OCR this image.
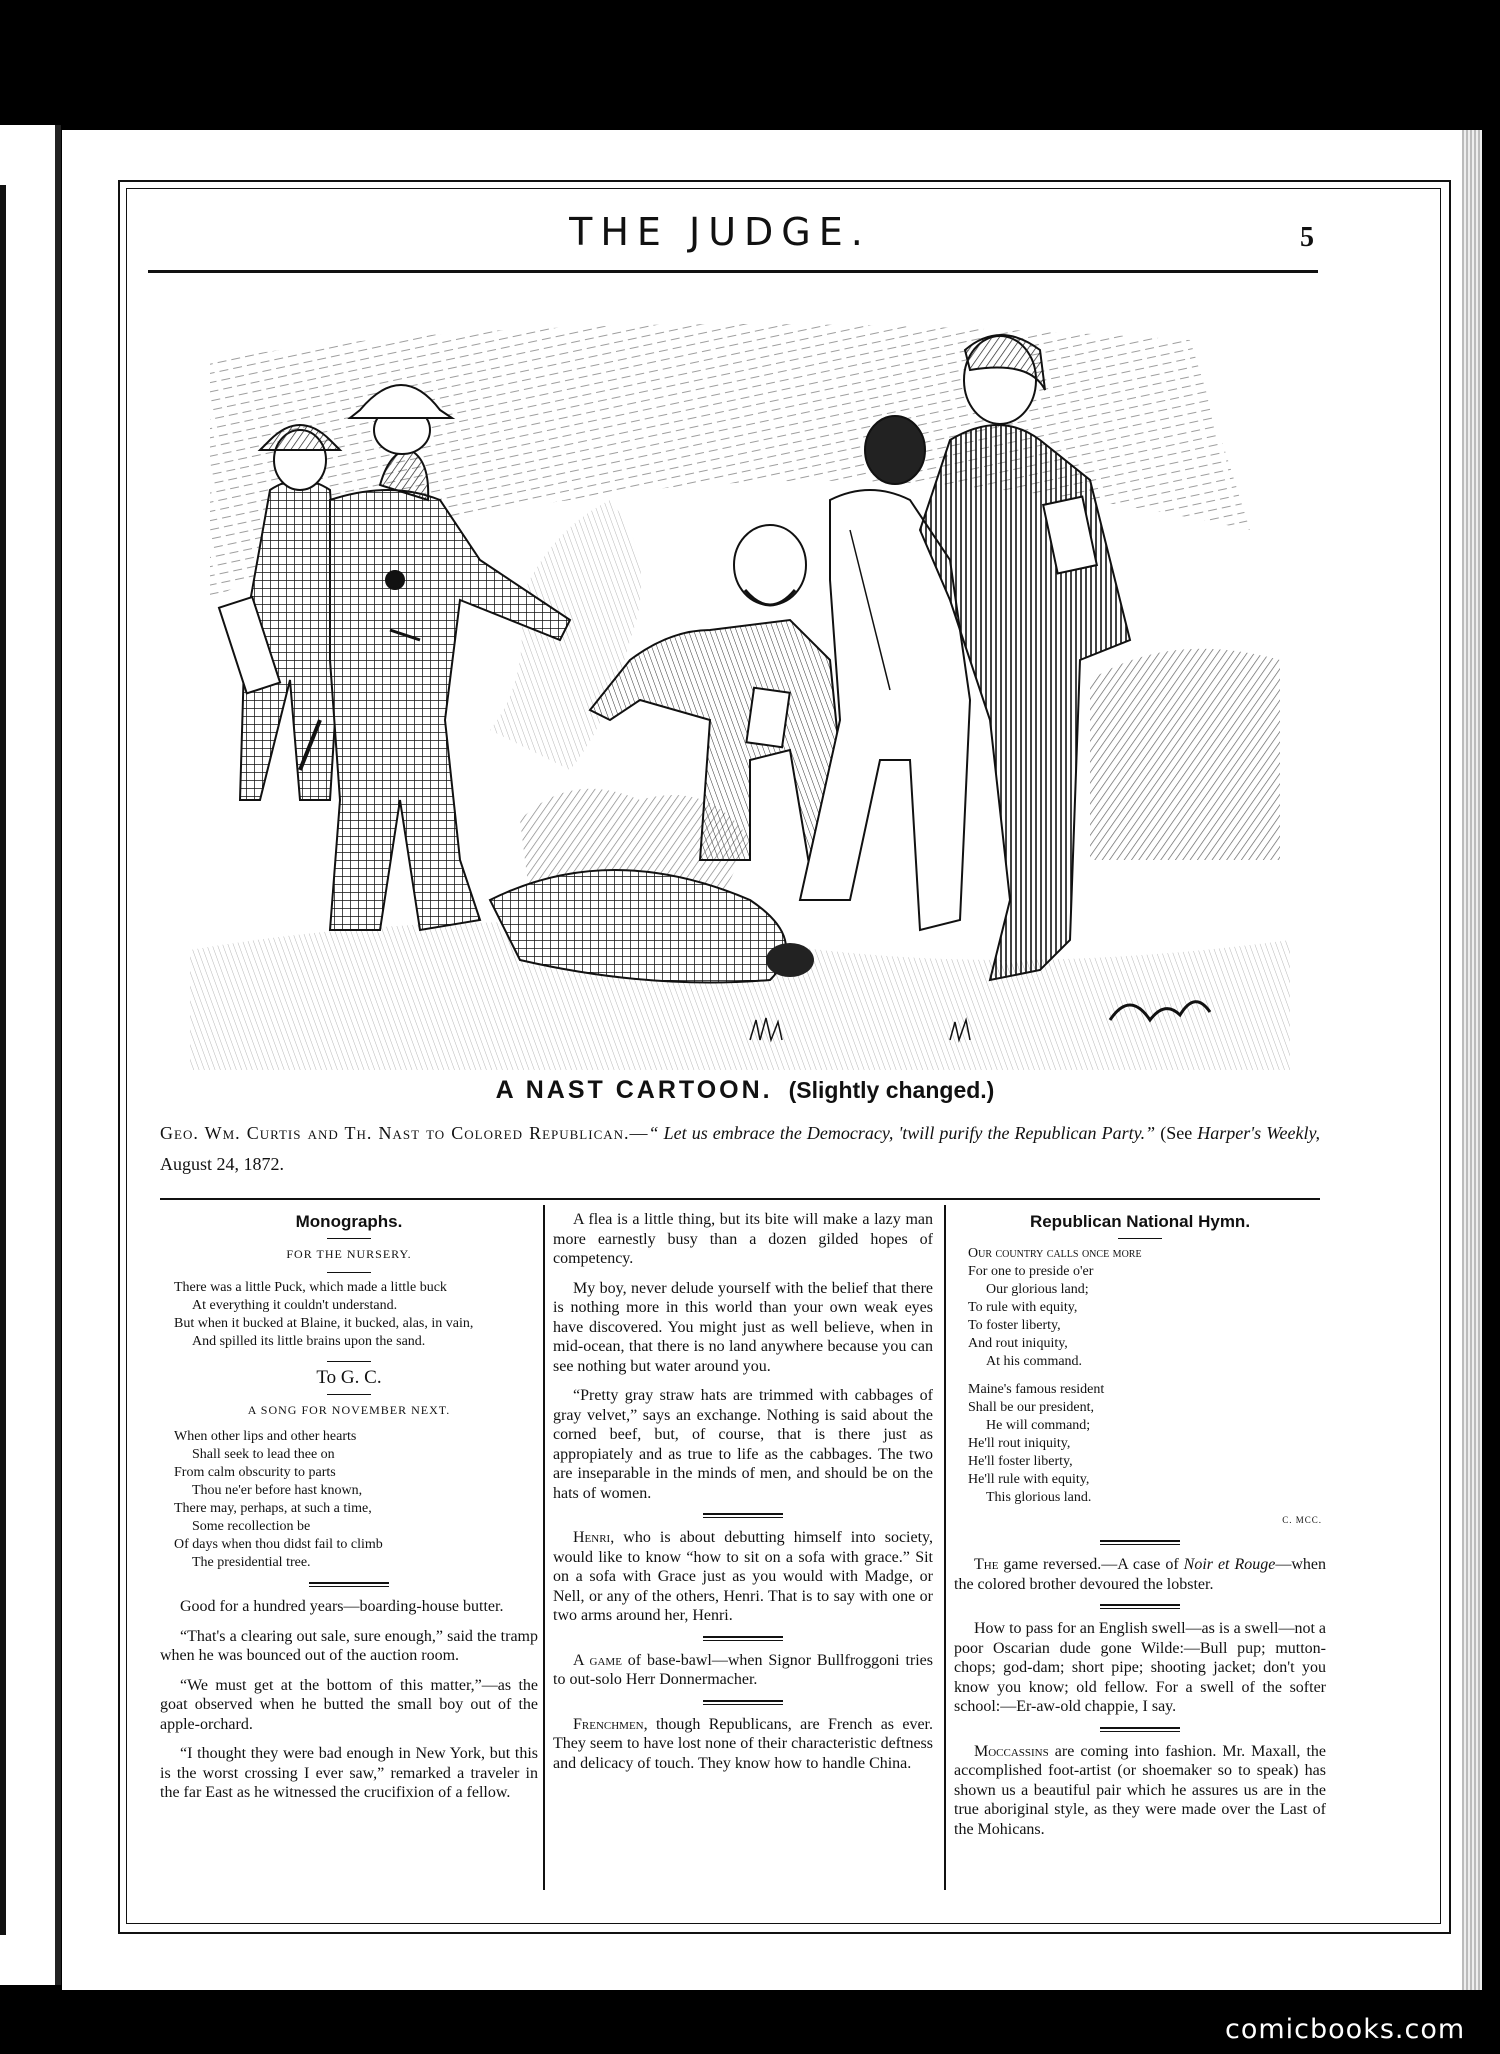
THE JUDGE.	5
A NAST CARTOON. (Slightly changed.)
Geo. Wm. Curtis and Th. Nast to Colored Republican.—“ Let us embrace the Democracy, 'twill purify the Republican Party.” (See Harper's Weekly, August 24, 1872.
Monographs.
FOR THE NURSERY.
There was a little Puck, which made a little buck
At everything it couldn't understand.
But when it bucked at Blaine, it bucked, alas, in vain,
And spilled its little brains upon the sand.
To G. C.
A SONG FOR NOVEMBER NEXT.
When other lips and other hearts
Shall seek to lead thee on
From calm obscurity to parts
Thou ne'er before hast known,
There may, perhaps, at such a time,
Some recollection be
Of days when thou didst fail to climb
The presidential tree.

Good for a hundred years—boarding-house butter.

“That's a clearing out sale, sure enough,” said the tramp when he was bounced out of the auction room.

“We must get at the bottom of this matter,”—as the goat observed when he butted the small boy out of the apple-orchard.

“I thought they were bad enough in New York, but this is the worst crossing I ever saw,” remarked a traveler in the far East as he witnessed the crucifixion of a fellow.

A flea is a little thing, but its bite will make a lazy man more earnestly busy than a dozen gilded hopes of competency.

My boy, never delude yourself with the belief that there is nothing more in this world than your own weak eyes have discovered. You might just as well believe, when in mid-ocean, that there is no land anywhere because you can see nothing but water around you.

“Pretty gray straw hats are trimmed with cabbages of gray velvet,” says an exchange. Nothing is said about the corned beef, but, of course, that is there just as appropiately and as true to life as the cabbages. The two are inseparable in the minds of men, and should be on the hats of women.

Henri, who is about debutting himself into society, would like to know “how to sit on a sofa with grace.” Sit on a sofa with Grace just as you would with Madge, or Nell, or any of the others, Henri. That is to say with one or two arms around her, Henri.

A game of base-bawl—when Signor Bullfroggoni tries to out-solo Herr Donnermacher.

Frenchmen, though Republicans, are French as ever. They seem to have lost none of their characteristic deftness and delicacy of touch. They know how to handle China.

Republican National Hymn.
Our country calls once more
For one to preside o'er
Our glorious land;
To rule with equity,
To foster liberty,
And rout iniquity,
At his command.
Maine's famous resident
Shall be our president,
He will command;
He'll rout iniquity,
He'll foster liberty,
He'll rule with equity,
This glorious land.
C. MCC.

The game reversed.—A case of Noir et Rouge—when the colored brother devoured the lobster.

How to pass for an English swell—as is a swell—not a poor Oscarian dude gone Wilde:—Bull pup; mutton-chops; god-dam; short pipe; shooting jacket; don't you know you know; old fellow. For a swell of the softer school:—Er-aw-old chappie, I say.

Moccassins are coming into fashion. Mr. Maxall, the accomplished foot-artist (or shoemaker so to speak) has shown us a beautiful pair which he assures us are in the true aboriginal style, as they were made over the Last of the Mohicans.

comicbooks.com
